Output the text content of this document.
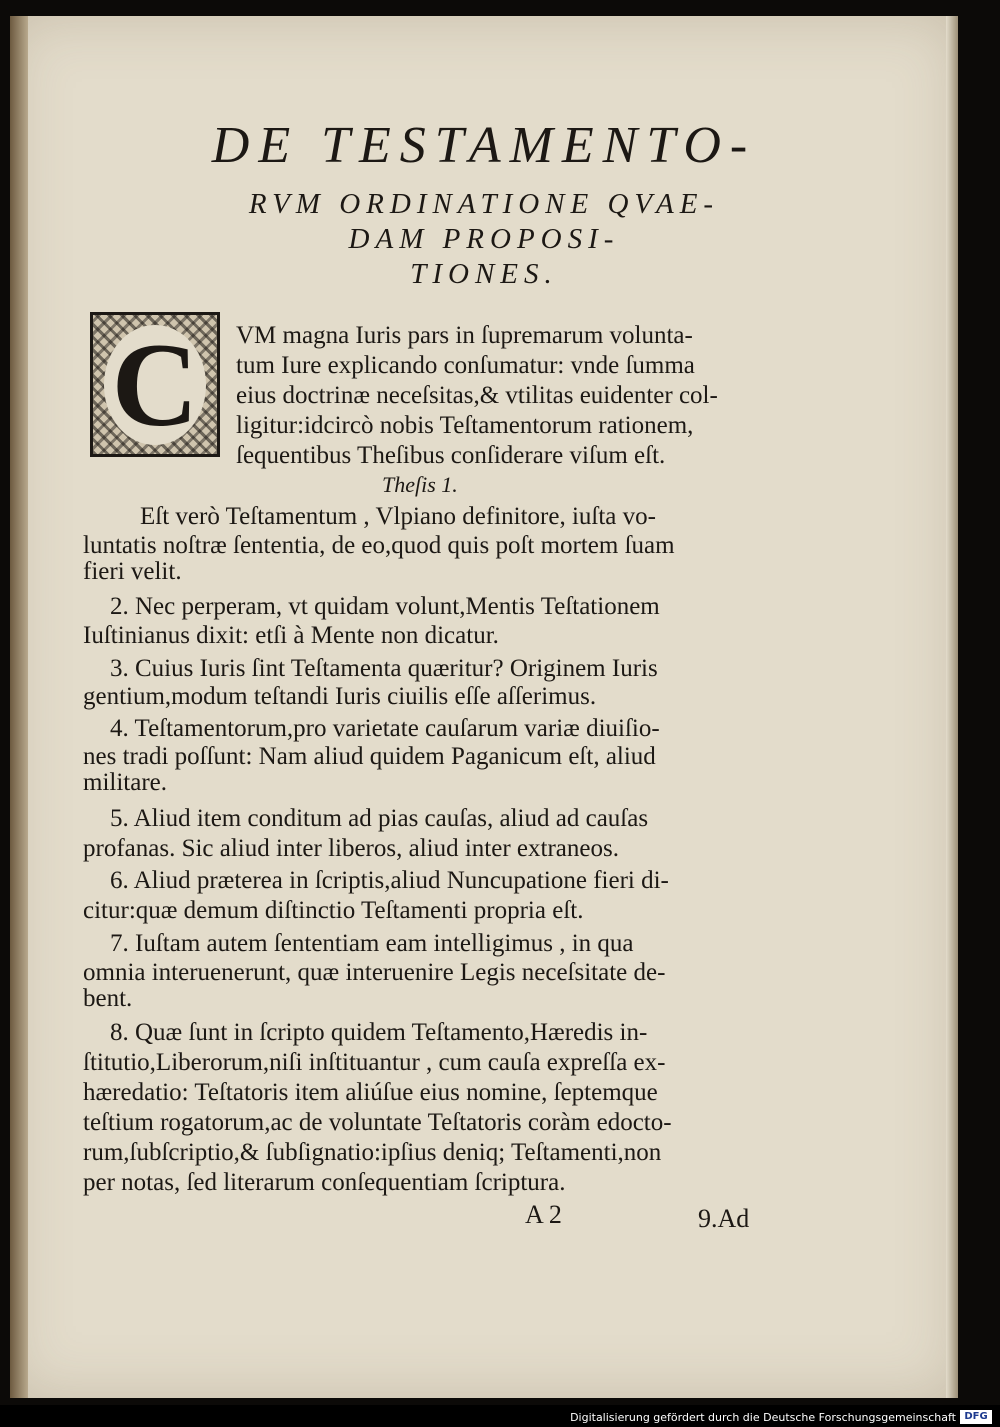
DE TESTAMENTO-
RVM ORDINATIONE QVAE-
DAM PROPOSI-
TIONES.
C	VM magna Iuris pars in ſupremarum volunta-
tum Iure explicando conſumatur: vnde ſumma
eius doctrinæ neceſsitas,& vtilitas euidenter col-
ligitur:idcircò nobis Teſtamentorum rationem,
ſequentibus Theſibus conſiderare viſum eſt.
Theſis 1.
Eſt verò Teſtamentum , Vlpiano definitore, iuſta vo-
luntatis noſtræ ſententia, de eo,quod quis poſt mortem ſuam
fieri velit.
2. Nec perperam, vt quidam volunt,Mentis Teſtationem
Iuſtinianus dixit: etſi à Mente non dicatur.
3. Cuius Iuris ſint Teſtamenta quæritur? Originem Iuris
gentium,modum teſtandi Iuris ciuilis eſſe aſſerimus.
4. Teſtamentorum,pro varietate cauſarum variæ diuiſio-
nes tradi poſſunt: Nam aliud quidem Paganicum eſt, aliud
militare.
5. Aliud item conditum ad pias cauſas, aliud ad cauſas
profanas. Sic aliud inter liberos, aliud inter extraneos.
6. Aliud præterea in ſcriptis,aliud Nuncupatione fieri di-
citur:quæ demum diſtinctio Teſtamenti propria eſt.
7. Iuſtam autem ſententiam eam intelligimus , in qua
omnia interuenerunt, quæ interuenire Legis neceſsitate de-
bent.
8. Quæ ſunt in ſcripto quidem Teſtamento,Hæredis in-
ſtitutio,Liberorum,niſi inſtituantur , cum cauſa expreſſa ex-
hæredatio: Teſtatoris item aliúſue eius nomine, ſeptemque
teſtium rogatorum,ac de voluntate Teſtatoris coràm edocto-
rum,ſubſcriptio,& ſubſignatio:ipſius deniq; Teſtamenti,non
per notas, ſed literarum conſequentiam ſcriptura.
A 2	9.Ad
Digitalisierung gefördert durch die Deutsche Forschungsgemeinschaft DFG
